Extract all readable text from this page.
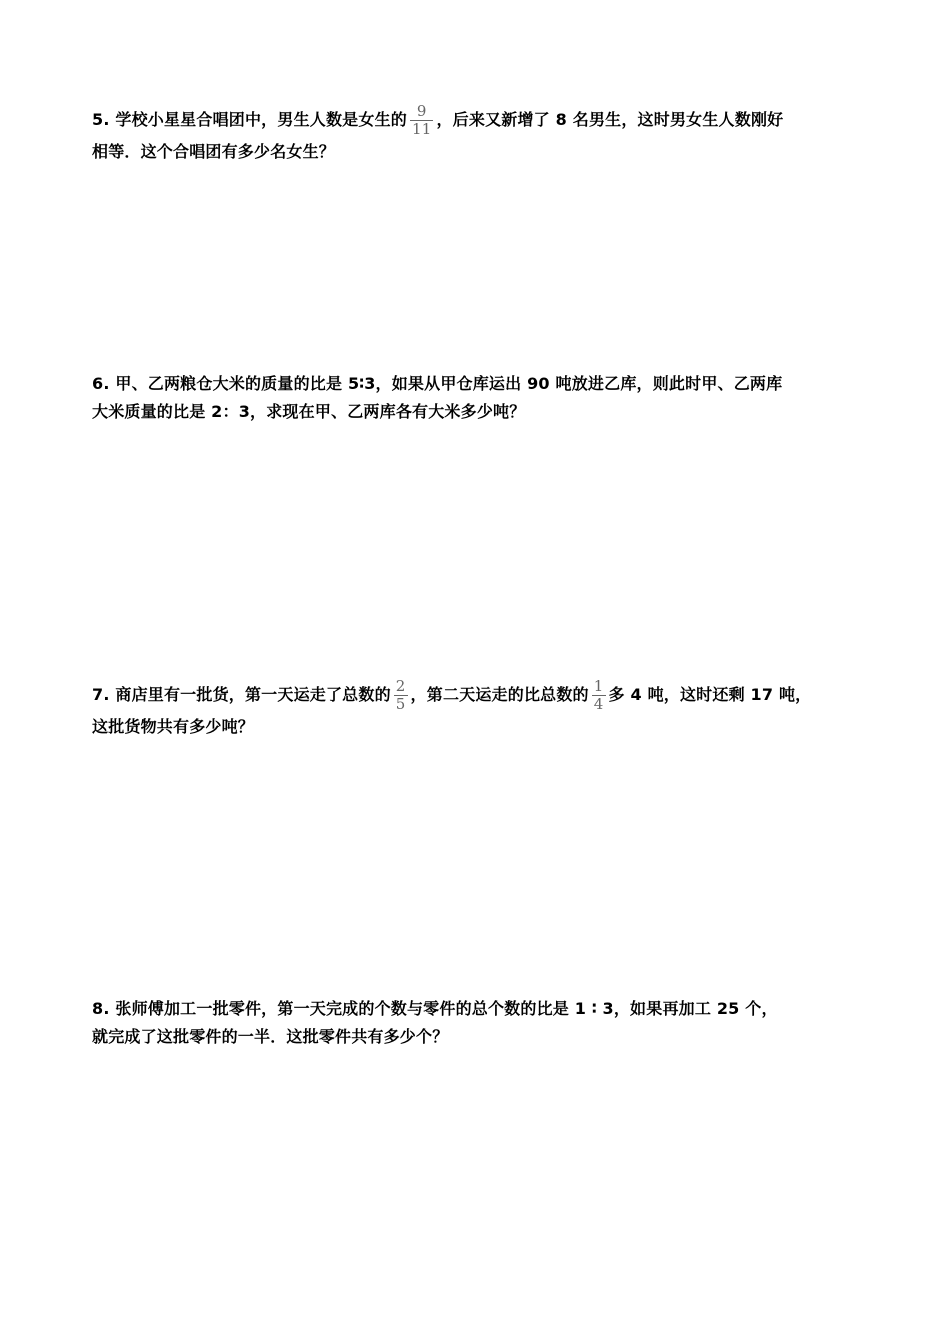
5. 学校小星星合唱团中，男生人数是女生的 $\frac{9}{11}$ ，后来又新增了 8 名男生，这时男女生人数刚好
相等．这个合唱团有多少名女生？
6. 甲、乙两粮仓大米的质量的比是 5∶3，如果从甲仓库运出 90 吨放进乙库，则此时甲、乙两库
大米质量的比是 2：3，求现在甲、乙两库各有大米多少吨？
7. 商店里有一批货，第一天运走了总数的 $\frac{2}{5}$ ，第二天运走的比总数的 $\frac{1}{4}$ 多 4 吨，这时还剩 17 吨，
这批货物共有多少吨？
8. 张师傅加工一批零件，第一天完成的个数与零件的总个数的比是 1 ∶ 3，如果再加工 25 个，
就完成了这批零件的一半．这批零件共有多少个？
